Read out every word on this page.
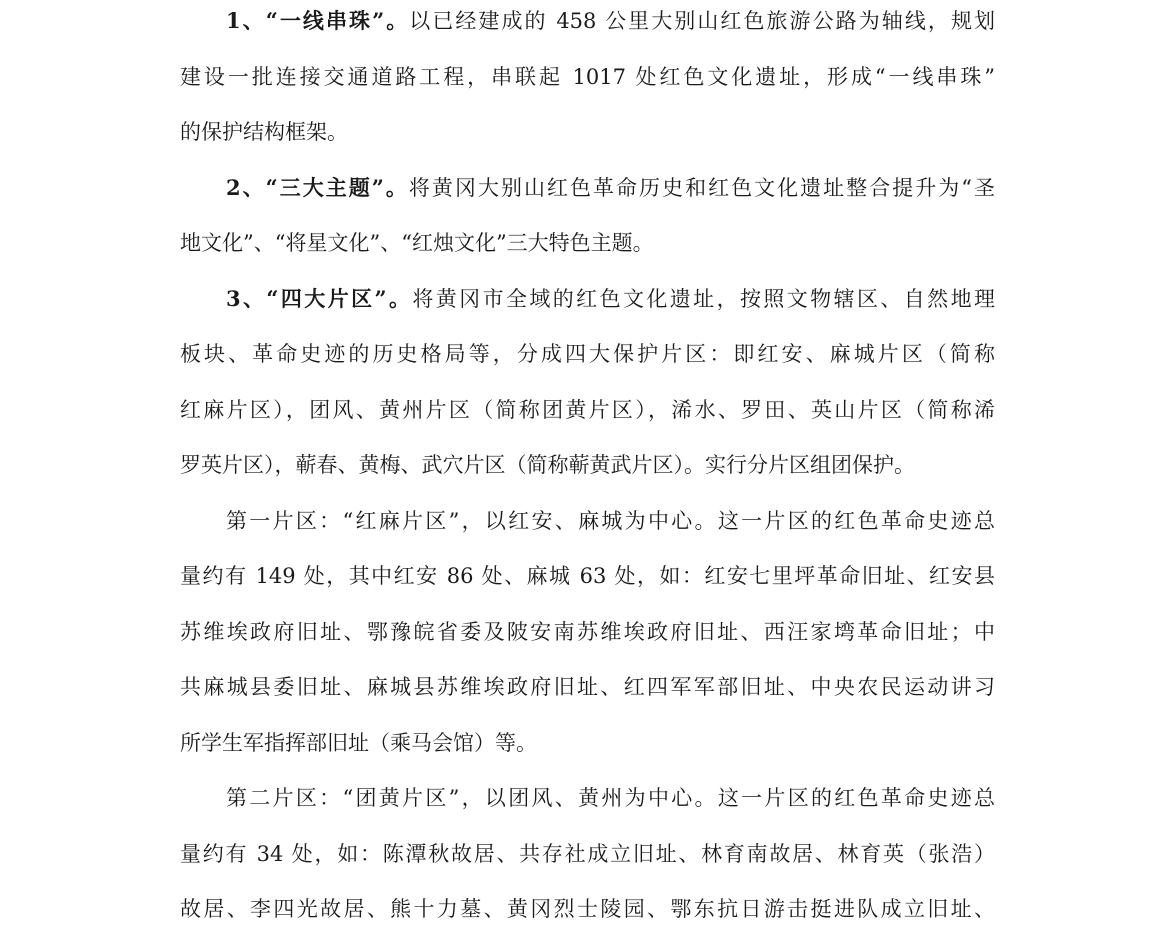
1、“一线串珠”。以已经建成的 458 公里大别山红色旅游公路为轴线，规划
建设一批连接交通道路工程，串联起 1017 处红色文化遗址，形成“一线串珠”
的保护结构框架。
2、“三大主题”。将黄冈大别山红色革命历史和红色文化遗址整合提升为“圣
地文化”、“将星文化”、“红烛文化”三大特色主题。
3、“四大片区”。将黄冈市全域的红色文化遗址，按照文物辖区、自然地理
板块、革命史迹的历史格局等，分成四大保护片区：即红安、麻城片区（简称
红麻片区），团风、黄州片区（简称团黄片区），浠水、罗田、英山片区（简称浠
罗英片区），蕲春、黄梅、武穴片区（简称蕲黄武片区）。实行分片区组团保护。
第一片区：“红麻片区”，以红安、麻城为中心。这一片区的红色革命史迹总
量约有 149 处，其中红安 86 处、麻城 63 处，如：红安七里坪革命旧址、红安县
苏维埃政府旧址、鄂豫皖省委及陂安南苏维埃政府旧址、西汪家塆革命旧址；中
共麻城县委旧址、麻城县苏维埃政府旧址、红四军军部旧址、中央农民运动讲习
所学生军指挥部旧址（乘马会馆）等。
第二片区：“团黄片区”，以团风、黄州为中心。这一片区的红色革命史迹总
量约有 34 处，如：陈潭秋故居、共存社成立旧址、林育南故居、林育英（张浩）
故居、李四光故居、熊十力墓、黄冈烈士陵园、鄂东抗日游击挺进队成立旧址、
